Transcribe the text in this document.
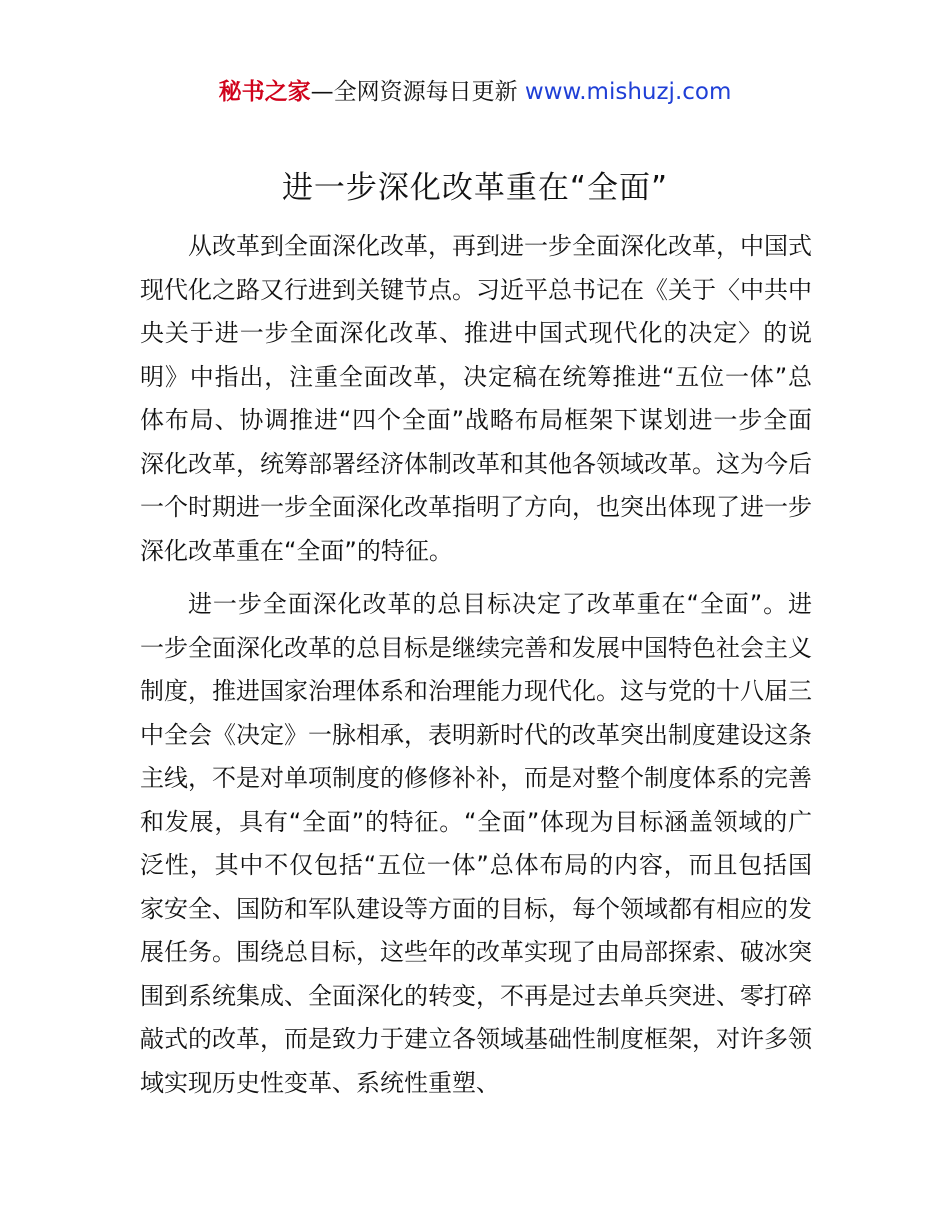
秘书之家—全网资源每日更新 www.mishuzj.com
进一步深化改革重在“全面”

从改革到全面深化改革，再到进一步全面深化改革，中国式现代化之路又行进到关键节点。习近平总书记在《关于〈中共中央关于进一步全面深化改革、推进中国式现代化的决定〉的说明》中指出，注重全面改革，决定稿在统筹推进“五位一体”总体布局、协调推进“四个全面”战略布局框架下谋划进一步全面深化改革，统筹部署经济体制改革和其他各领域改革。这为今后一个时期进一步全面深化改革指明了方向，也突出体现了进一步深化改革重在“全面”的特征。

进一步全面深化改革的总目标决定了改革重在“全面”。进一步全面深化改革的总目标是继续完善和发展中国特色社会主义制度，推进国家治理体系和治理能力现代化。这与党的十八届三中全会《决定》一脉相承，表明新时代的改革突出制度建设这条主线，不是对单项制度的修修补补，而是对整个制度体系的完善和发展，具有“全面”的特征。“全面”体现为目标涵盖领域的广泛性，其中不仅包括“五位一体”总体布局的内容，而且包括国家安全、国防和军队建设等方面的目标，每个领域都有相应的发展任务。围绕总目标，这些年的改革实现了由局部探索、破冰突围到系统集成、全面深化的转变，不再是过去单兵突进、零打碎敲式的改革，而是致力于建立各领域基础性制度框架，对许多领域实现历史性变革、系统性重塑、
